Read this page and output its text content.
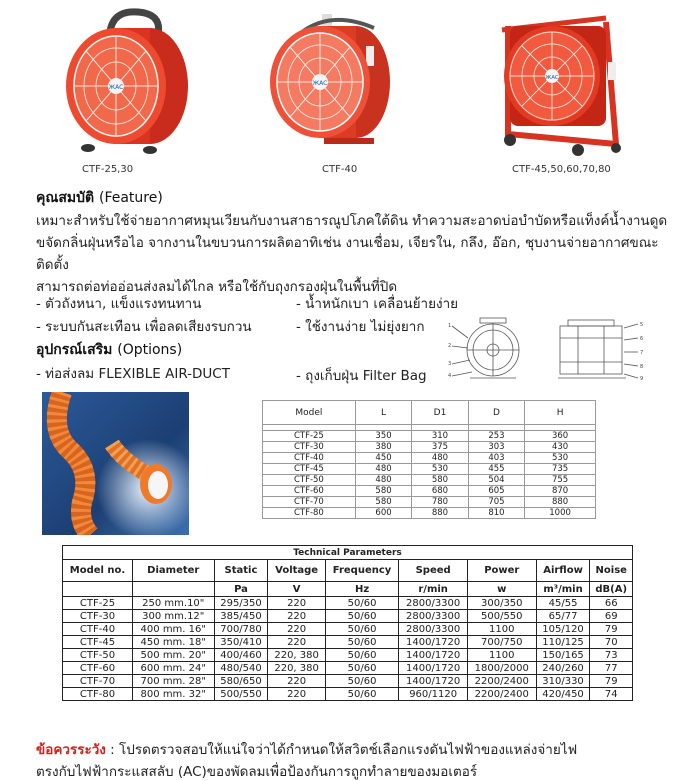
ЖAC
CTF-25,30
ЖAC
CTF-40
ЖAC
CTF-45,50,60,70,80
คุณสมบัติ (Feature)
เหมาะสำหรับใช้จ่ายอากาศหมุนเวียนกับงานสาธารณูปโภคใต้ดิน ทำความสะอาดบ่อบำบัดหรือแท็งค์น้ำงานดูด
ขจัดกลิ่นฝุ่นหรือไอ จากงานในขบวนการผลิตอาทิเช่น งานเชื่อม, เจียรใน, กลึง, อ๊อก, ชุบงานจ่ายอากาศขณะติดตั้ง
สามารถต่อท่ออ่อนส่งลมได้ไกล หรือใช้กับถุงกรองฝุ่นในพื้นที่ปิด
- ตัวถังหนา, แข็งแรงทนทาน	- น้ำหนักเบา เคลื่อนย้ายง่าย
- ระบบกันสะเทือน เพื่อลดเสียงรบกวน	- ใช้งานง่าย ไม่ยุ่งยาก
อุปกรณ์เสริม (Options)
- ท่อส่งลม FLEXIBLE AIR-DUCT	- ถุงเก็บฝุ่น Filter Bag
1
2
3
4
5
6
7
8
9
Model	L	D1	D	H

CTF-25	350	310	253	360
CTF-30	380	375	303	430
CTF-40	450	480	403	530
CTF-45	480	530	455	735
CTF-50	480	580	504	755
CTF-60	580	680	605	870
CTF-70	580	780	705	880
CTF-80	600	880	810	1000
Technical Parameters								
Model no.	Diameter	Static	Voltage	Frequency	Speed	Power	Airflow	Noise
		Pa	V	Hz	r/min	w	m³/min	dB(A)
CTF-25	250 mm.10"	295/350	220	50/60	2800/3300	300/350	45/55	66
CTF-30	300 mm.12"	385/450	220	50/60	2800/3300	500/550	65/77	69
CTF-40	400 mm. 16"	700/780	220	50/60	2800/3300	1100	105/120	79
CTF-45	450 mm. 18"	350/410	220	50/60	1400/1720	700/750	110/125	70
CTF-50	500 mm. 20"	400/460	220, 380	50/60	1400/1720	1100	150/165	73
CTF-60	600 mm. 24"	480/540	220, 380	50/60	1400/1720	1800/2000	240/260	77
CTF-70	700 mm. 28"	580/650	220	50/60	1400/1720	2200/2400	310/330	79
CTF-80	800 mm. 32"	500/550	220	50/60	960/1120	2200/2400	420/450	74
ข้อควรระวัง : โปรดตรวจสอบให้แน่ใจว่าได้กำหนดให้สวิตช์เลือกแรงดันไฟฟ้าของแหล่งจ่ายไฟ
ตรงกับไฟฟ้ากระแสสลับ (AC)ของพัดลมเพื่อป้องกันการถูกทำลายของมอเตอร์
